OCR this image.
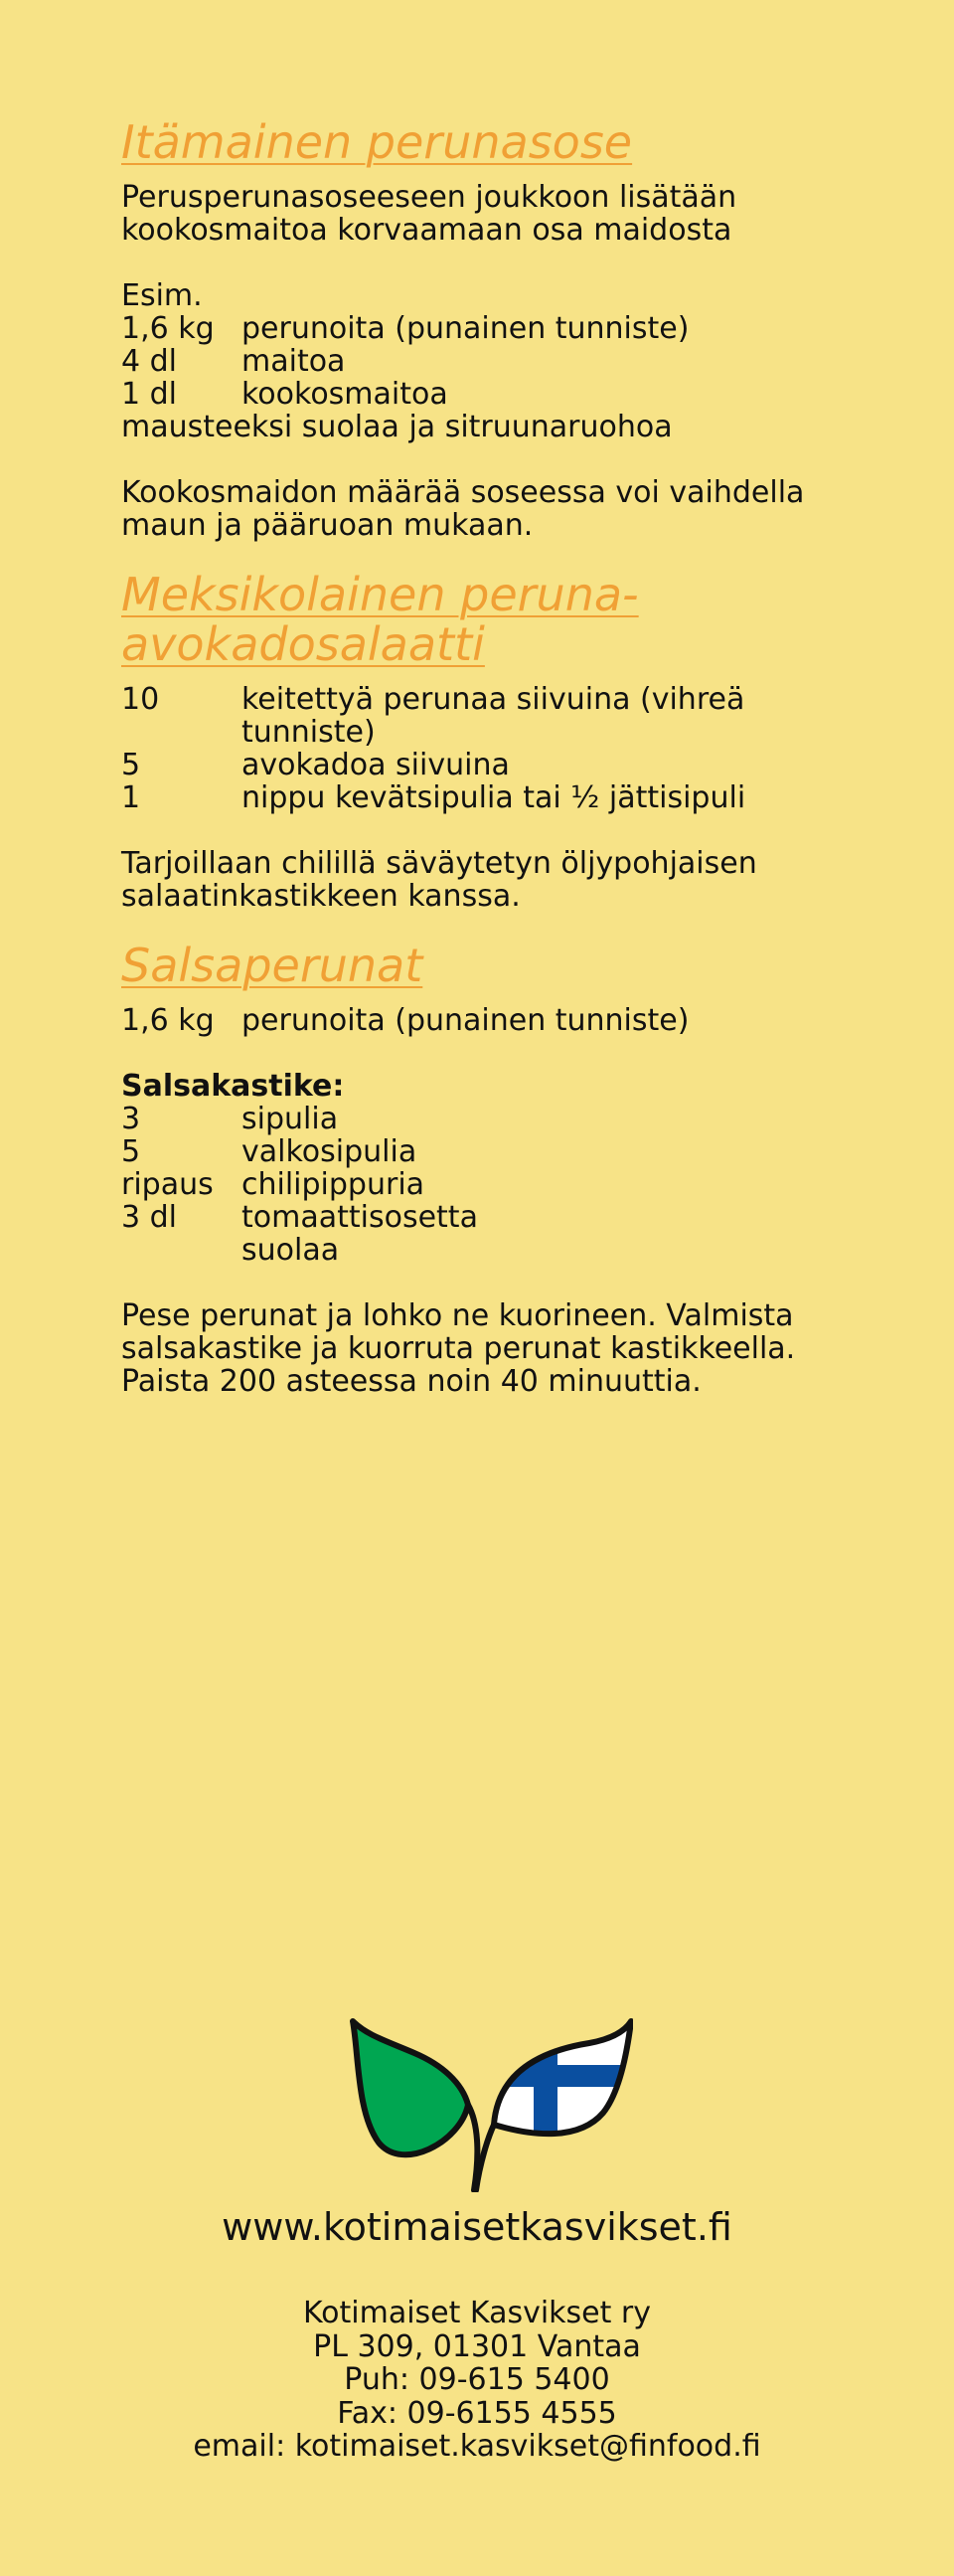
Itämainen perunasose

Perusperunasoseeseen joukkoon lisätään

kookosmaitoa korvaamaan osa maidosta

Esim.

1,6 kg perunoita (punainen tunniste)
4 dl	maitoa
1 dl	kookosmaitoa

mausteeksi suolaa ja sitruunaruohoa

Kookosmaidon määrää soseessa voi vaihdella

maun ja pääruoan mukaan.

Meksikolainen peruna-
avokadosalaatti
10	keitettyä perunaa siivuina (vihreä
tunniste)
5	avokadoa siivuina
1	nippu kevätsipulia tai ½ jättisipuli

Tarjoillaan chilillä säväytetyn öljypohjaisen

salaatinkastikkeen kanssa.

Salsaperunat
1,6 kg perunoita (punainen tunniste)
Salsakastike:
3	sipulia
5	valkosipulia
ripaus chilipippuria
3 dl	tomaattisosetta
suolaa

Pese perunat ja lohko ne kuorineen. Valmista

salsakastike ja kuorruta perunat kastikkeella.

Paista 200 asteessa noin 40 minuuttia.

www.kotimaisetkasvikset.fi
Kotimaiset Kasvikset ry
PL 309, 01301 Vantaa
Puh: 09-615 5400
Fax: 09-6155 4555
email: kotimaiset.kasvikset@finfood.fi
